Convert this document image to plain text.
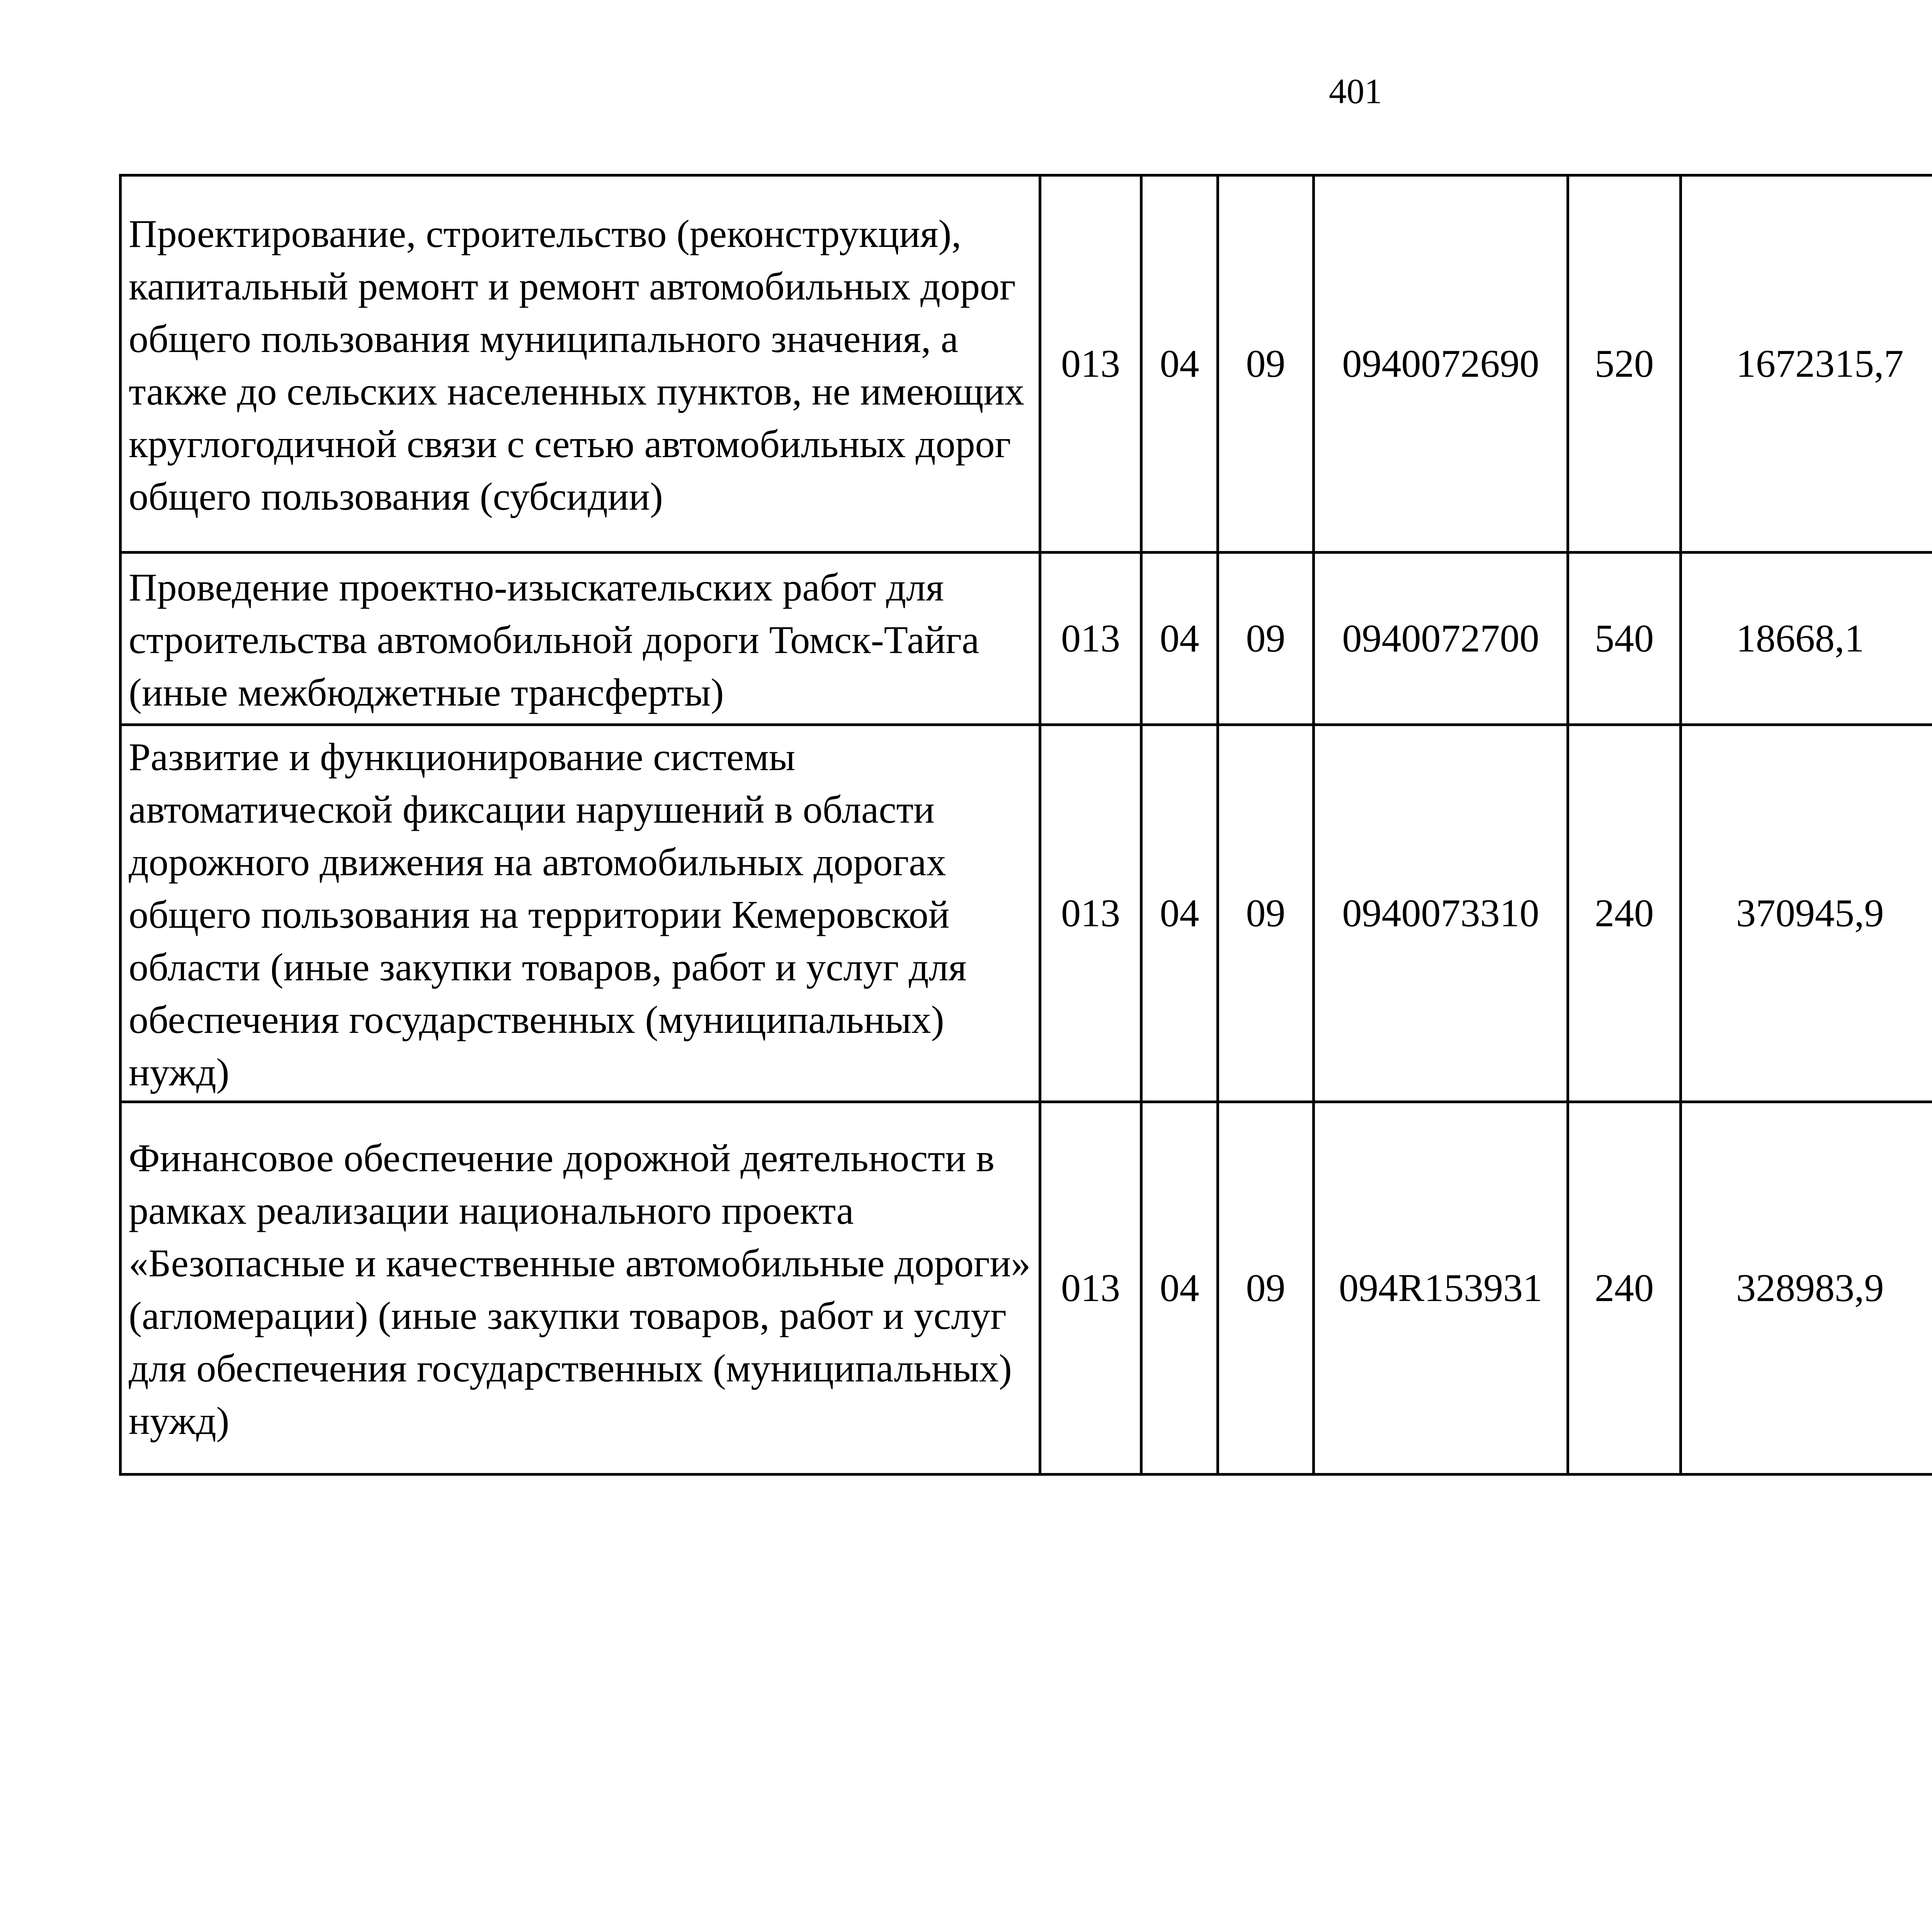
401
Проектирование, строительство (реконструкция), капитальный ремонт и ремонт автомобильных дорог общего пользования муниципального значения, а также до сельских населенных пунктов, не имеющих круглогодичной связи с сетью автомобильных дорог общего пользования (субсидии)	013	04	09	0940072690	520	1672315,7		
Проведение проектно-изыскательских работ для строительства автомобильной дороги Томск-Тайга (иные межбюджетные трансферты)	013	04	09	0940072700	540	18668,1		
Развитие и функционирование системы автоматической фиксации нарушений в области дорожного движения на автомобильных дорогах общего пользования на территории Кемеровской области (иные закупки товаров, работ и услуг для обеспечения государственных (муниципальных) нужд)	013	04	09	0940073310	240	370945,9		
Финансовое обеспечение дорожной деятельности в рамках реализации национального проекта «Безопасные и качественные автомобильные дороги» (агломерации) (иные закупки товаров, работ и услуг для обеспечения государственных (муниципальных) нужд)	013	04	09	094R153931	240	328983,9		
